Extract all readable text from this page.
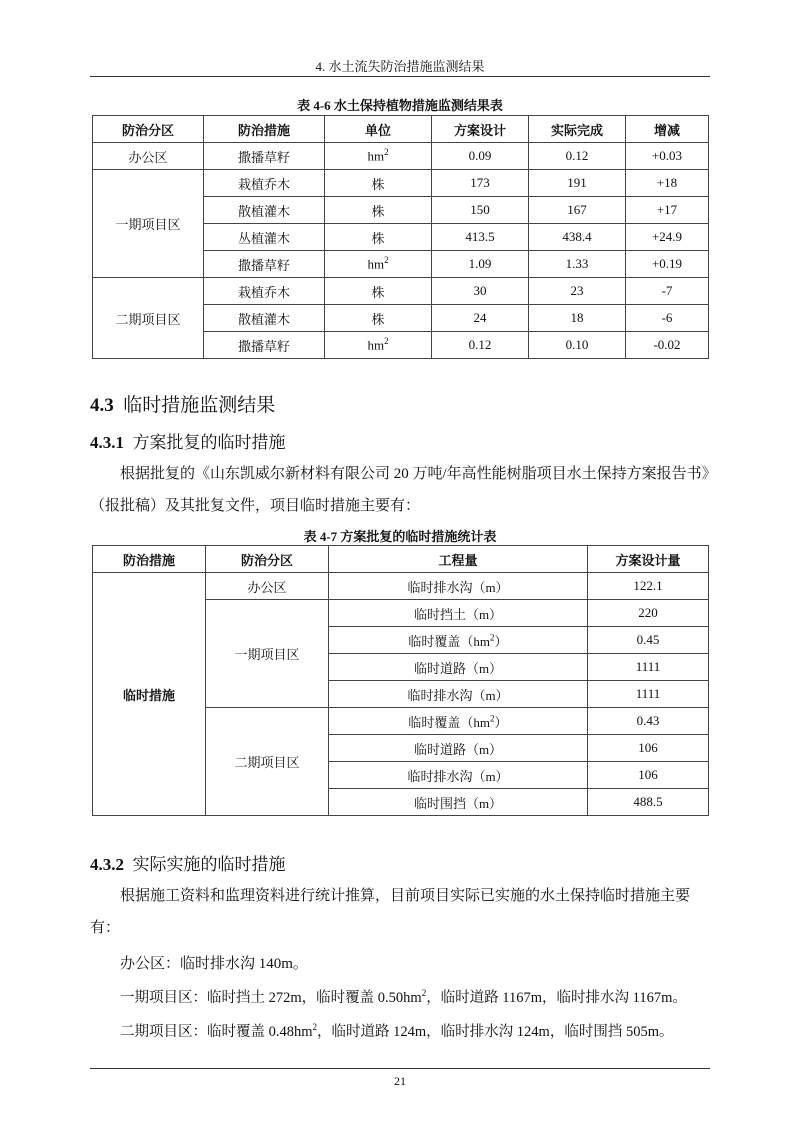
4. 水土流失防治措施监测结果
表 4-6 水土保持植物措施监测结果表
防治分区	防治措施	单位	方案设计	实际完成	增减
办公区	撒播草籽	$hm^2$	0.09	0.12	+0.03
一期项目区	栽植乔木	株	173	191	+18
	散植灌木	株	150	167	+17
	丛植灌木	株	413.5	438.4	+24.9
	撒播草籽	$hm^2$	1.09	1.33	+0.19
二期项目区	栽植乔木	株	30	23	-7
	散植灌木	株	24	18	-6
	撒播草籽	$hm^2$	0.12	0.10	-0.02
4.3 临时措施监测结果
4.3.1 方案批复的临时措施
根据批复的《山东凯威尔新材料有限公司 20 万吨/年高性能树脂项目水土保持方案报告书》（报批稿）及其批复文件，项目临时措施主要有：
表 4-7 方案批复的临时措施统计表
防治措施	防治分区	工程量	方案设计量
临时措施	办公区	临时排水沟（m）	122.1
	一期项目区	临时挡土（m）	220
		临时覆盖$(hm^2)$	0.45
		临时道路（m）	1111
		临时排水沟（m）	1111
	二期项目区	临时覆盖$(hm^2)$	0.43
		临时道路（m）	106
		临时排水沟（m）	106
		临时围挡（m）	488.5
4.3.2 实际实施的临时措施
根据施工资料和监理资料进行统计推算，目前项目实际已实施的水土保持临时措施主要有：
办公区：临时排水沟 140m。
一期项目区：临时挡土 272m，临时覆盖 $0.50hm^2$，临时道路 1167m，临时排水沟 1167m。
二期项目区：临时覆盖 $0.48hm^2$，临时道路 124m，临时排水沟 124m，临时围挡 505m。
21
